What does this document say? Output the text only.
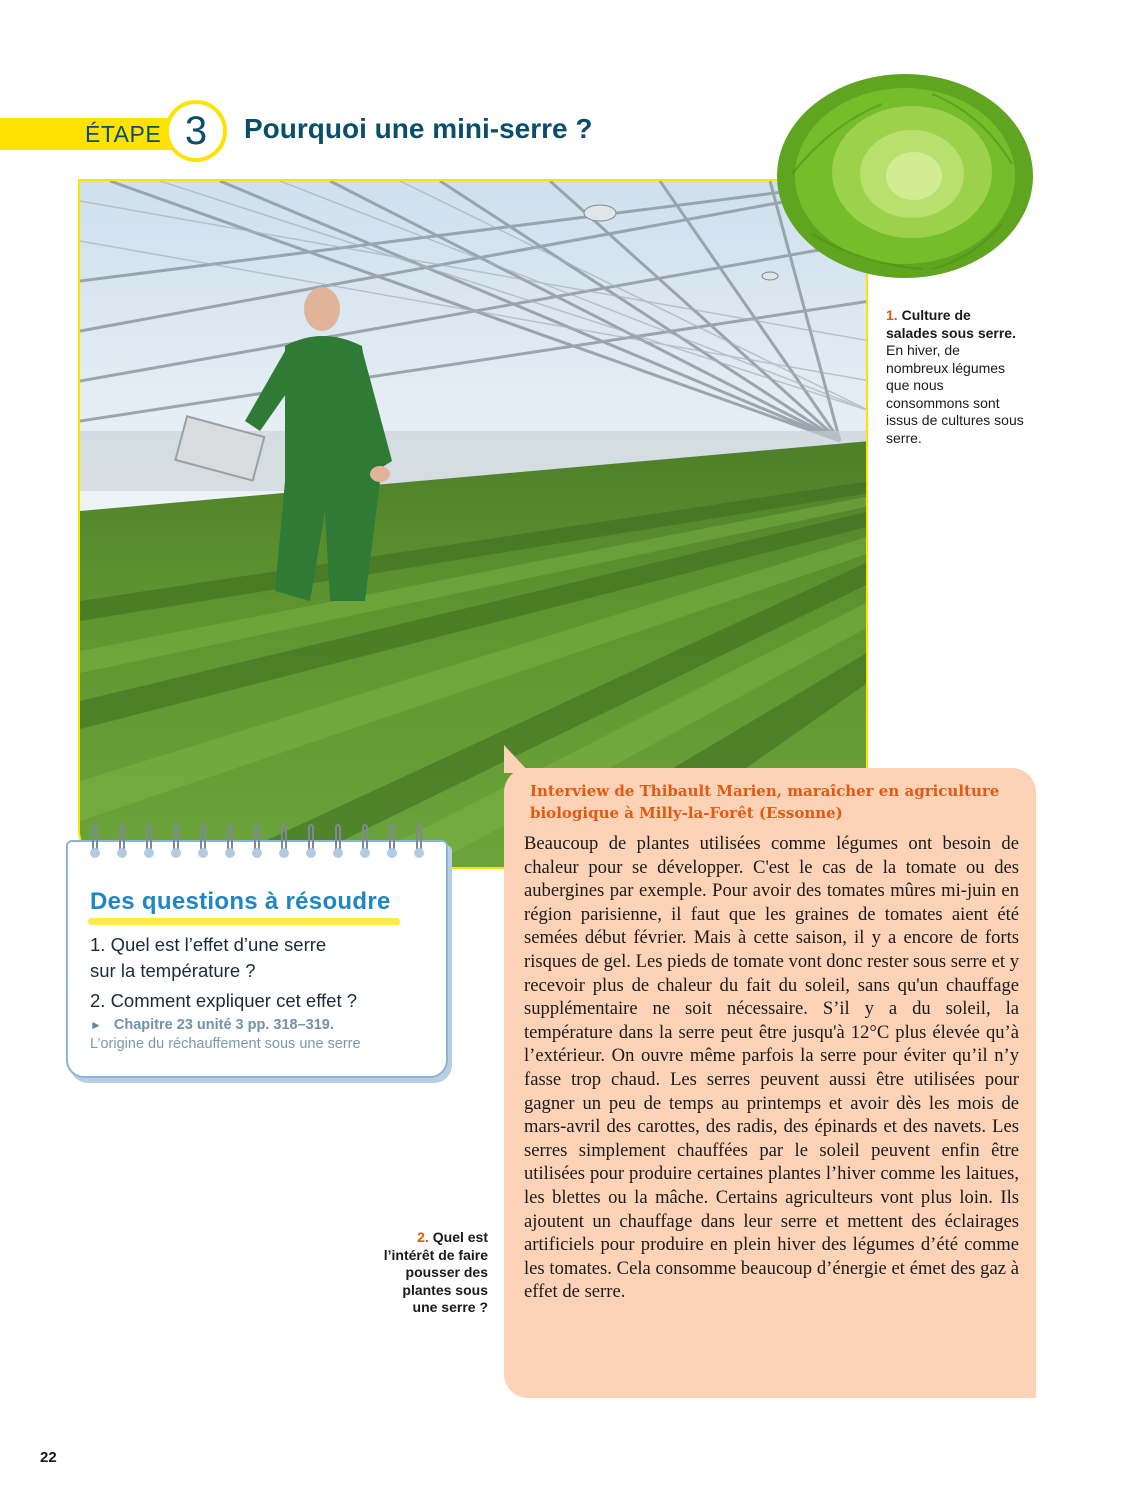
ÉTAPE 3	Pourquoi une mini-serre ?
1. Culture de salades sous serre. En hiver, de nombreux légumes que nous consommons sont issus de cultures sous serre.
Des questions à résoudre
1. Quel est l’effet d’une serre
sur la température ?
2. Comment expliquer cet effet ?
► Chapitre 23 unité 3 pp. 318–319.
L’origine du réchauffement sous une serre
2. Quel est
l’intérêt de faire
pousser des
plantes sous
une serre ?
Interview de Thibault Marien, maraîcher en agriculture biologique à Milly-la-Forêt (Essonne)

Beaucoup de plantes utilisées comme légumes ont besoin de chaleur pour se développer. C'est le cas de la tomate ou des aubergines par exemple. Pour avoir des tomates mûres mi-juin en région parisienne, il faut que les graines de tomates aient été semées début février. Mais à cette saison, il y a encore de forts risques de gel. Les pieds de tomate vont donc rester sous serre et y recevoir plus de chaleur du fait du soleil, sans qu'un chauffage supplémentaire ne soit nécessaire. S’il y a du soleil, la température dans la serre peut être jusqu'à 12°C plus élevée qu’à l’extérieur. On ouvre même parfois la serre pour éviter qu’il n’y fasse trop chaud. Les serres peuvent aussi être utilisées pour gagner un peu de temps au printemps et avoir dès les mois de mars-avril des carottes, des radis, des épinards et des navets. Les serres simplement chauffées par le soleil peuvent enfin être utilisées pour produire certaines plantes l’hiver comme les laitues, les blettes ou la mâche. Certains agriculteurs vont plus loin. Ils ajoutent un chauffage dans leur serre et mettent des éclairages artificiels pour produire en plein hiver des légumes d’été comme les tomates. Cela consomme beaucoup d’énergie et émet des gaz à effet de serre.

22
